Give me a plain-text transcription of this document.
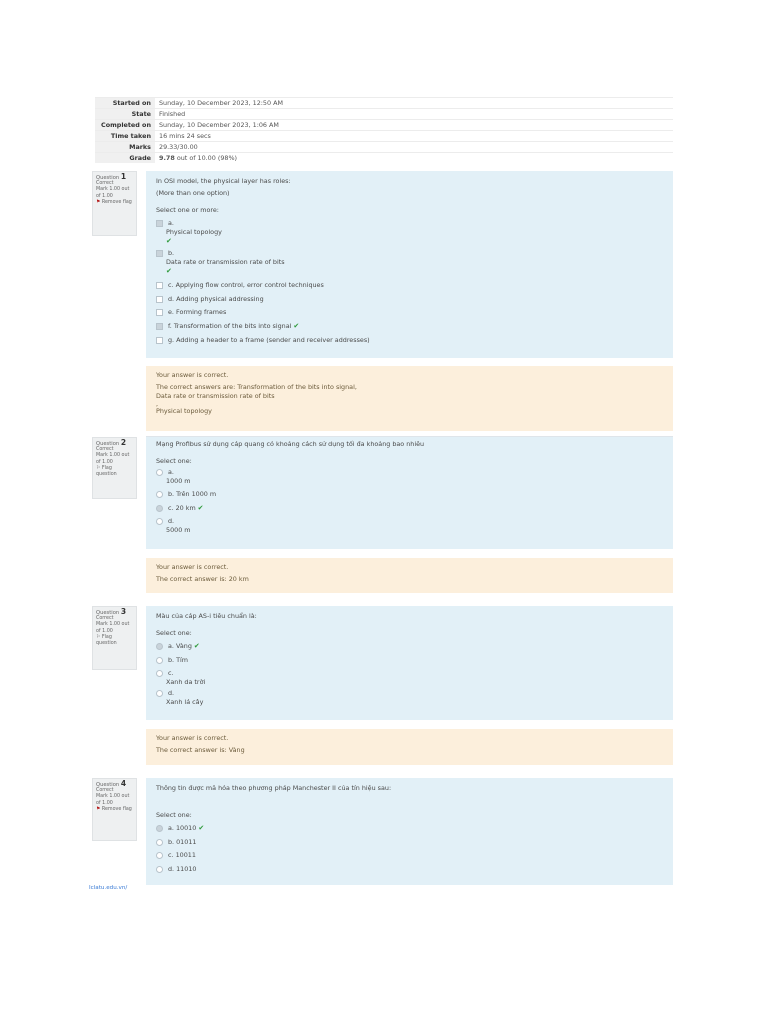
Started on	Sunday, 10 December 2023, 12:50 AM
State	Finished
Completed on	Sunday, 10 December 2023, 1:06 AM
Time taken	16 mins 24 secs
Marks	29.33/30.00
Grade	9.78 out of 10.00 (98%)
Question 1
Correct
Mark 1.00 out of 1.00
⚑ Remove flag
In OSI model, the physical layer has roles:
(More than one option)
Select one or more:
a.
Physical topology
✔
b.
Data rate or transmission rate of bits
✔
c. Applying flow control, error control techniques
d. Adding physical addressing
e. Forming frames
f. Transformation of the bits into signal ✔
g. Adding a header to a frame (sender and receiver addresses)
Your answer is correct.
The correct answers are: Transformation of the bits into signal,
Data rate or transmission rate of bits
,
Physical topology
Question 2
Correct
Mark 1.00 out of 1.00
⚐ Flag question
Mạng Profibus sử dụng cáp quang có khoảng cách sử dụng tối đa khoảng bao nhiêu
Select one:
a.
1000 m
b. Trên 1000 m
c. 20 km ✔
d.
5000 m
Your answer is correct.
The correct answer is: 20 km
Question 3
Correct
Mark 1.00 out of 1.00
⚐ Flag question
Màu của cáp AS-i tiêu chuẩn là:
Select one:
a. Vàng ✔
b. Tím
c.
Xanh da trời
d.
Xanh lá cây
Your answer is correct.
The correct answer is: Vàng
Question 4
Correct
Mark 1.00 out of 1.00
⚑ Remove flag
Thông tin được mã hóa theo phương pháp Manchester II của tín hiệu sau:
Select one:
a. 10010 ✔
b. 01011
c. 10011
d. 11010
Iclatu.edu.vn/
